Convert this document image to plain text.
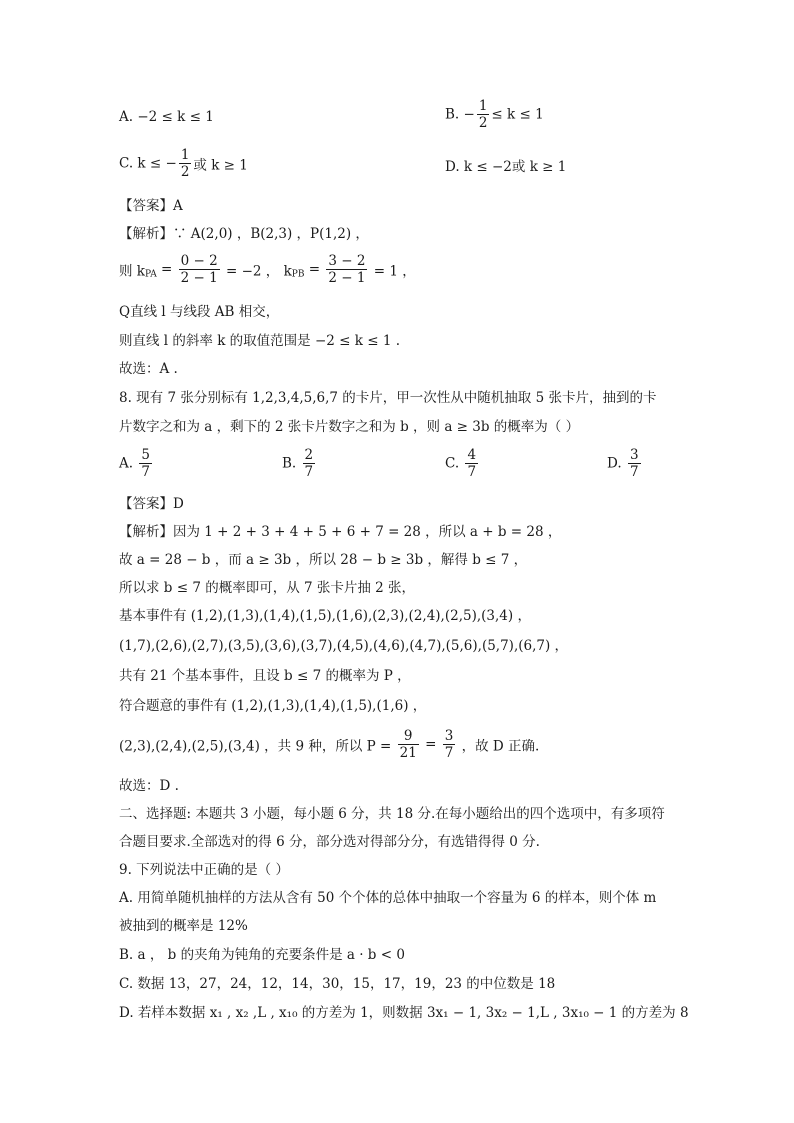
A. −2 ≤ k ≤ 1	B. − $\frac{1}{2} \le k \le 1$
C. k ≤ − $\frac{1}{2}$ 或 k ≥ 1	D. k ≤ −2或 k ≥ 1
【答案】A
【解析】∵ A(2,0) ，B(2,3) ，P(1,2) ，
则 $k_{PA} = \frac{0 - 2}{2 - 1} = -2$ ， $k_{PB} = \frac{3 - 2}{2 - 1} = 1$ ，
Q直线 l 与线段 AB 相交，
则直线 l 的斜率 k 的取值范围是 −2 ≤ k ≤ 1 .
故选：A .
8. 现有 7 张分别标有 1,2,3,4,5,6,7 的卡片，甲一次性从中随机抽取 5 张卡片，抽到的卡
片数字之和为 a ，剩下的 2 张卡片数字之和为 b ，则 a ≥ 3b 的概率为（ ）
A. $\frac{5}{7}$	B. $\frac{2}{7}$	C. $\frac{4}{7}$	D. $\frac{3}{7}$
【答案】D
【解析】因为 1 + 2 + 3 + 4 + 5 + 6 + 7 = 28 ，所以 a + b = 28 ，
故 a = 28 − b ，而 a ≥ 3b ，所以 28 − b ≥ 3b ，解得 b ≤ 7 ，
所以求 b ≤ 7 的概率即可，从 7 张卡片抽 2 张，
基本事件有 (1,2),(1,3),(1,4),(1,5),(1,6),(2,3),(2,4),(2,5),(3,4) ，
(1,7),(2,6),(2,7),(3,5),(3,6),(3,7),(4,5),(4,6),(4,7),(5,6),(5,7),(6,7) ，
共有 21 个基本事件，且设 b ≤ 7 的概率为 P ，
符合题意的事件有 (1,2),(1,3),(1,4),(1,5),(1,6) ，
(2,3),(2,4),(2,5),(3,4) ，共 9 种，所以 $P = \frac{9}{21} = \frac{3}{7}$ ，故 D 正确.
故选：D .
二、选择题: 本题共 3 小题，每小题 6 分，共 18 分.在每小题给出的四个选项中，有多项符
合题目要求.全部选对的得 6 分，部分选对得部分分，有选错得得 0 分.
9. 下列说法中正确的是（ ）
A. 用简单随机抽样的方法从含有 50 个个体的总体中抽取一个容量为 6 的样本，则个体 m
被抽到的概率是 12%
B. a ， b 的夹角为钝角的充要条件是 a · b < 0
C. 数据 13，27，24，12，14，30，15，17，19，23 的中位数是 18
D. 若样本数据 x₁ , x₂ ,L , x₁₀ 的方差为 1，则数据 3x₁ − 1, 3x₂ − 1,L , 3x₁₀ − 1 的方差为 8
